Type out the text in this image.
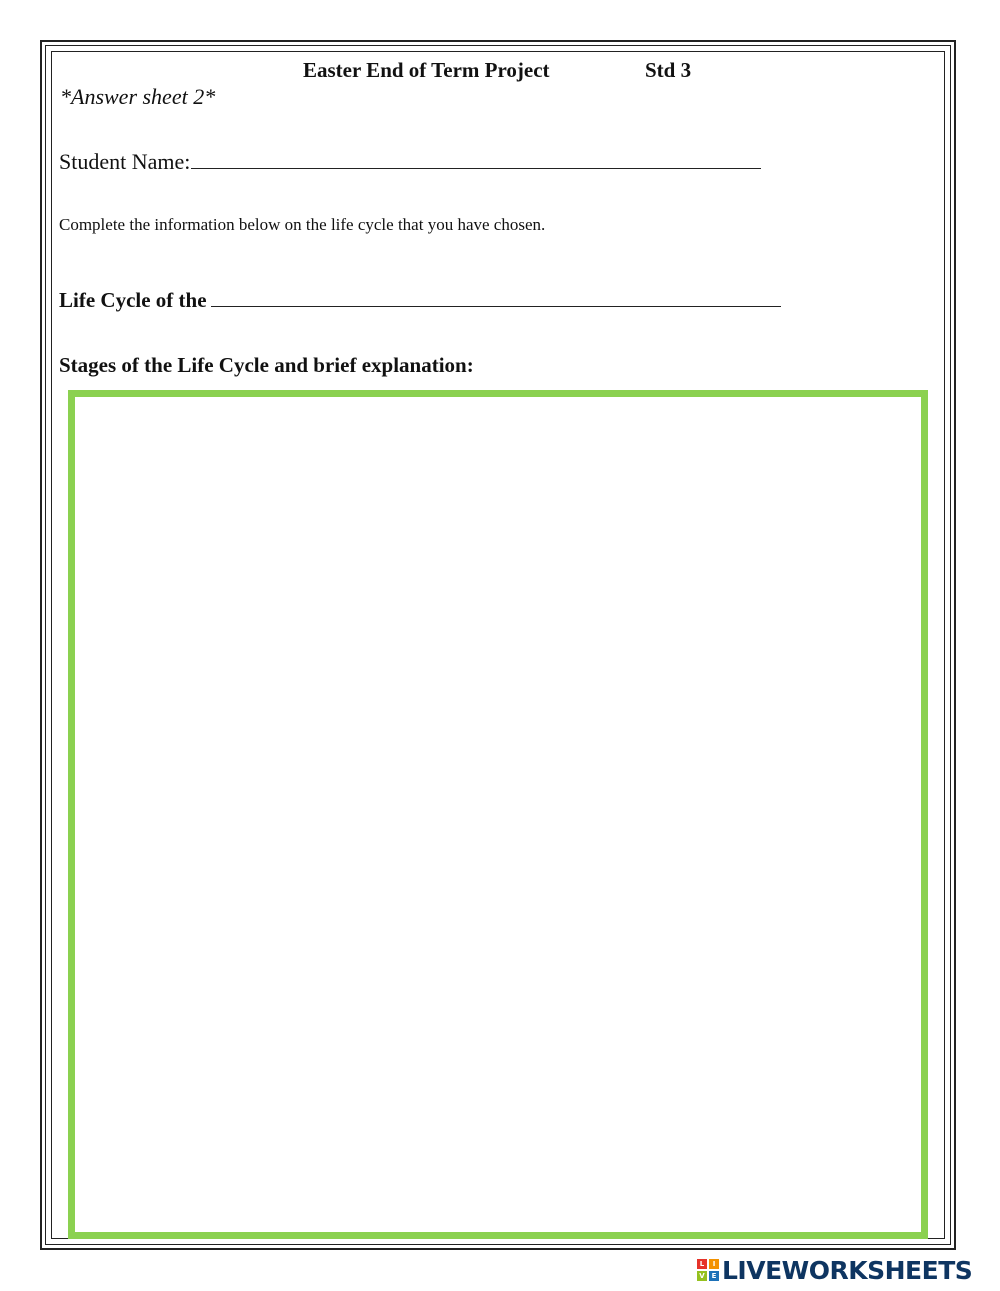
Easter End of Term Project	Std 3
*Answer sheet 2*
Student Name:
Complete the information below on the life cycle that you have chosen.
Life Cycle of the
Stages of the Life Cycle and brief explanation:
L	I
V E LIVEWORKSHEETS
